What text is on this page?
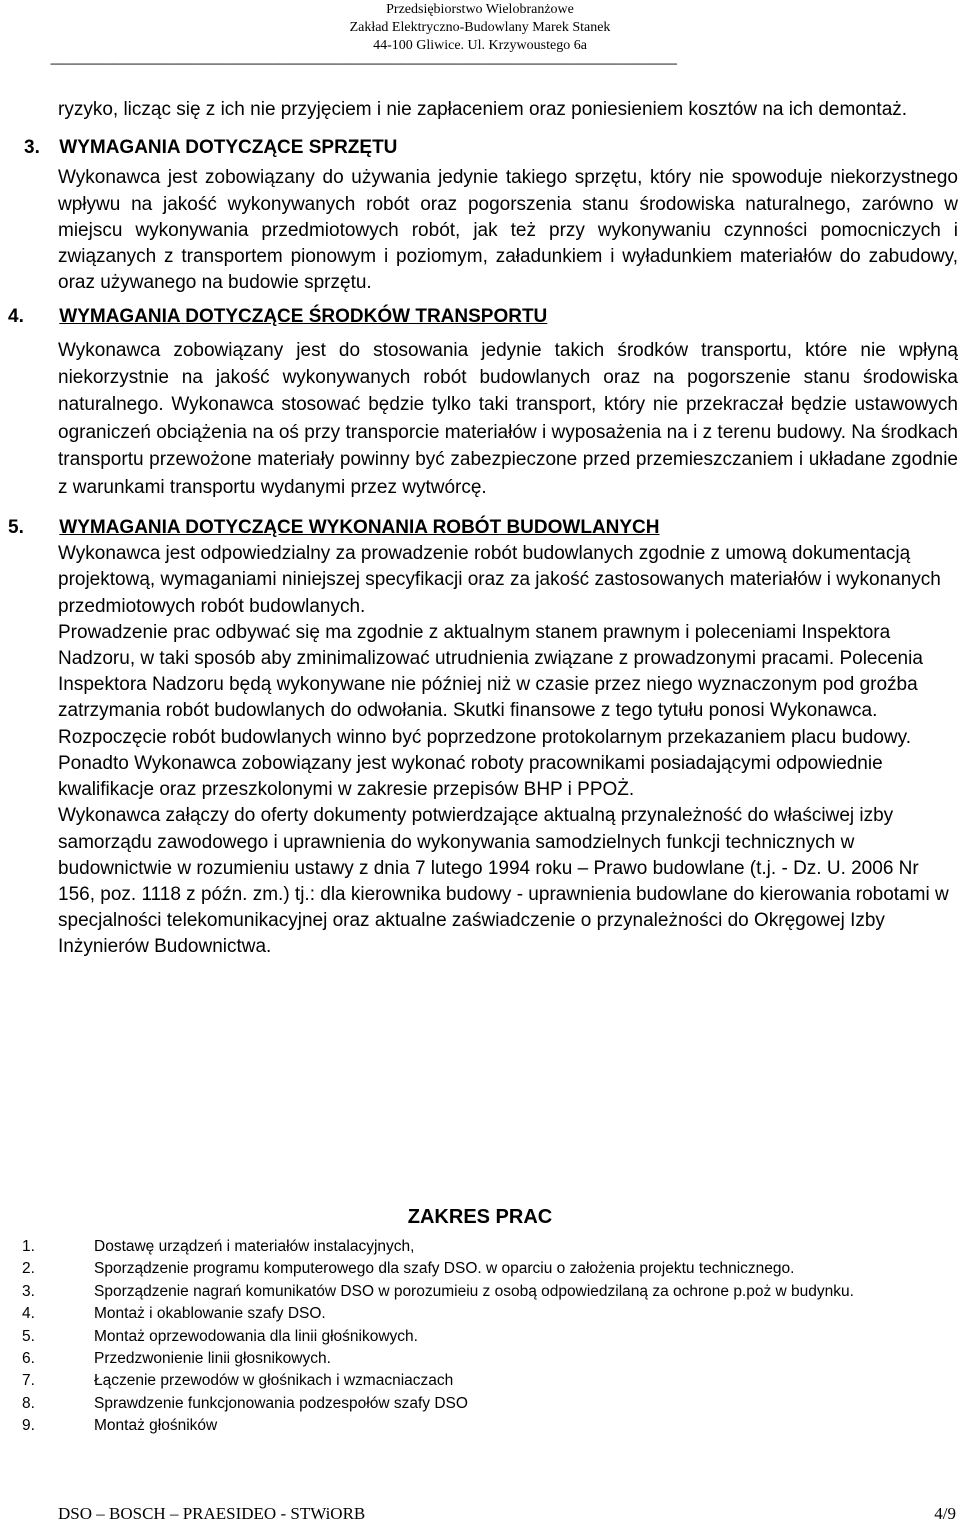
Przedsiębiorstwo Wielobranżowe
Zakład Elektryczno-Budowlany Marek Stanek
44-100 Gliwice. Ul. Krzywoustego 6a
--------------------------------------------------------------------------------------------------------------------------------------------------------------------------------------------------------------------------------

ryzyko, licząc się z ich nie przyjęciem i nie zapłaceniem oraz poniesieniem kosztów na ich demontaż.

3. WYMAGANIA DOTYCZĄCE SPRZĘTU

Wykonawca jest zobowiązany do używania jedynie takiego sprzętu, który nie spowoduje niekorzystnego wpływu na jakość wykonywanych robót oraz pogorszenia stanu środowiska naturalnego, zarówno w miejscu wykonywania przedmiotowych robót, jak też przy wykonywaniu czynności pomocniczych i związanych z transportem pionowym i poziomym, załadunkiem i wyładunkiem materiałów do zabudowy, oraz używanego na budowie sprzętu.

4. WYMAGANIA DOTYCZĄCE ŚRODKÓW TRANSPORTU

Wykonawca zobowiązany jest do stosowania jedynie takich środków transportu, które nie wpłyną niekorzystnie na jakość wykonywanych robót budowlanych oraz na pogorszenie stanu środowiska naturalnego. Wykonawca stosować będzie tylko taki transport, który nie przekraczał będzie ustawowych ograniczeń obciążenia na oś przy transporcie materiałów i wyposażenia na i z terenu budowy. Na środkach transportu przewożone materiały powinny być zabezpieczone przed przemieszczaniem i układane zgodnie z warunkami transportu wydanymi przez wytwórcę.

5. WYMAGANIA DOTYCZĄCE WYKONANIA ROBÓT BUDOWLANYCH

Wykonawca jest odpowiedzialny za prowadzenie robót budowlanych zgodnie z umową dokumentacją projektową, wymaganiami niniejszej specyfikacji oraz za jakość zastosowanych materiałów i wykonanych przedmiotowych robót budowlanych.

Prowadzenie prac odbywać się ma zgodnie z aktualnym stanem prawnym i poleceniami Inspektora Nadzoru, w taki sposób aby zminimalizować utrudnienia związane z prowadzonymi pracami. Polecenia Inspektora Nadzoru będą wykonywane nie później niż w czasie przez niego wyznaczonym pod groźba zatrzymania robót budowlanych do odwołania. Skutki finansowe z tego tytułu ponosi Wykonawca. Rozpoczęcie robót budowlanych winno być poprzedzone protokolarnym przekazaniem placu budowy. Ponadto Wykonawca zobowiązany jest wykonać roboty pracownikami posiadającymi odpowiednie kwalifikacje oraz przeszkolonymi w zakresie przepisów BHP i PPOŻ.

Wykonawca załączy do oferty dokumenty potwierdzające aktualną przynależność do właściwej izby samorządu zawodowego i uprawnienia do wykonywania samodzielnych funkcji technicznych w budownictwie w rozumieniu ustawy z dnia 7 lutego 1994 roku – Prawo budowlane (t.j. - Dz. U. 2006 Nr 156, poz. 1118 z późn. zm.) tj.: dla kierownika budowy - uprawnienia budowlane do kierowania robotami w specjalności telekomunikacyjnej oraz aktualne zaświadczenie o przynależności do Okręgowej Izby Inżynierów Budownictwa.

ZAKRES PRAC
1.	Dostawę urządzeń i materiałów instalacyjnych,
2.	Sporządzenie programu komputerowego dla szafy DSO. w oparciu o założenia projektu technicznego.
3.	Sporządzenie nagrań komunikatów DSO w porozumieiu z osobą odpowiedzilaną za ochrone p.poż w budynku.
4.	Montaż i okablowanie szafy DSO.
5.	Montaż oprzewodowania dla linii głośnikowych.
6.	Przedzwonienie linii głosnikowych.
7.	Łączenie przewodów w głośnikach i wzmacniaczach
8.	Sprawdzenie funkcjonowania podzespołów szafy DSO
9.	Montaż głośników
DSO – BOSCH – PRAESIDEO - STWiORB	4/9
